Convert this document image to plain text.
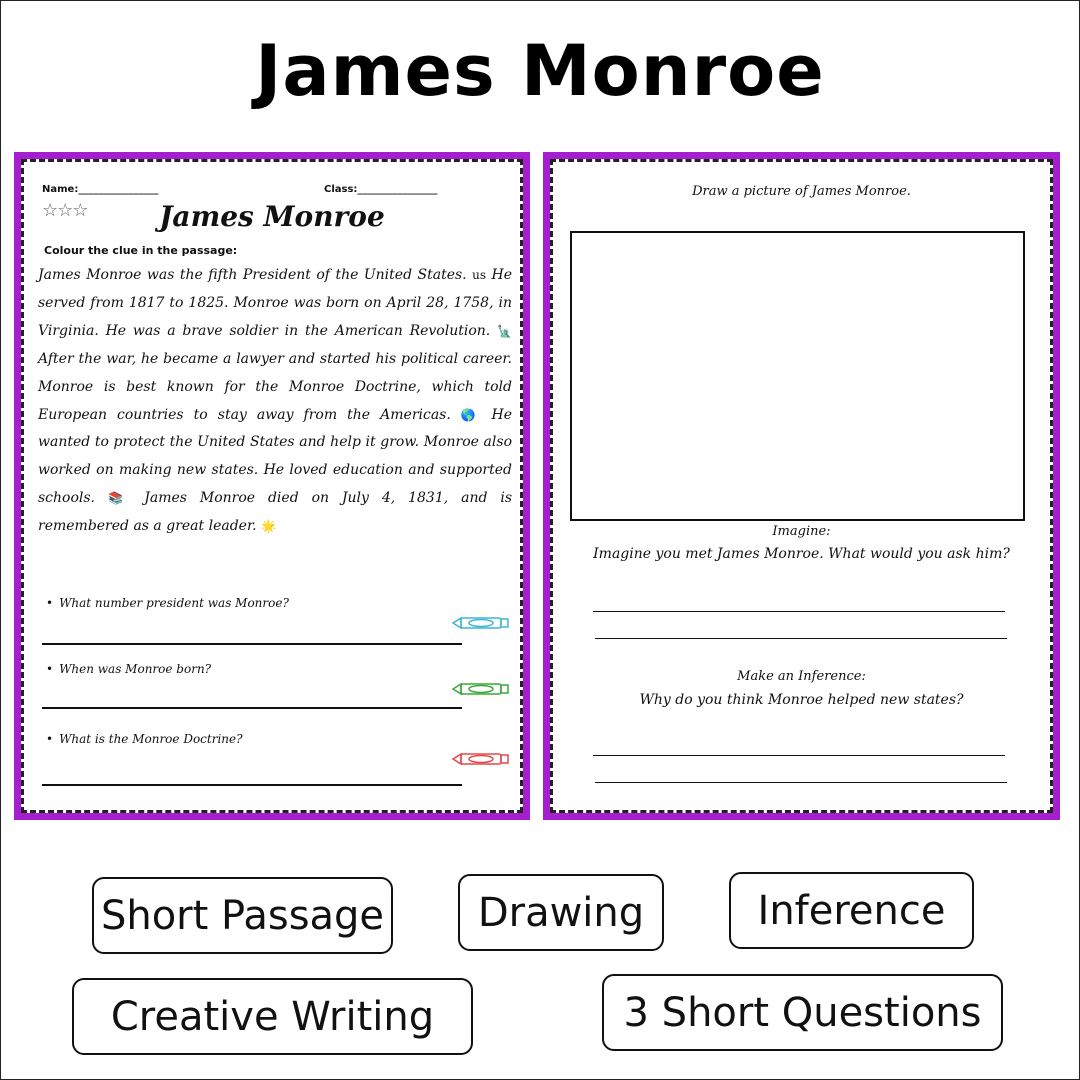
James Monroe
Name:________________	Class:________________
☆☆☆	James Monroe
Colour the clue in the passage:
James Monroe was the fifth President of the United States. us He served from 1817 to 1825. Monroe was born on April 28, 1758, in Virginia. He was a brave soldier in the American Revolution. 🗽 After the war, he became a lawyer and started his political career. Monroe is best known for the Monroe Doctrine, which told European countries to stay away from the Americas. 🌎 He wanted to protect the United States and help it grow. Monroe also worked on making new states. He loved education and supported schools. 📚 James Monroe died on July 4, 1831, and is remembered as a great leader. 🌟
• What number president was Monroe?
• When was Monroe born?
• What is the Monroe Doctrine?
Draw a picture of James Monroe.
Imagine:
Imagine you met James Monroe. What would you ask him?
Make an Inference:
Why do you think Monroe helped new states?
Short Passage	Drawing	Inference
Creative Writing	3 Short Questions
